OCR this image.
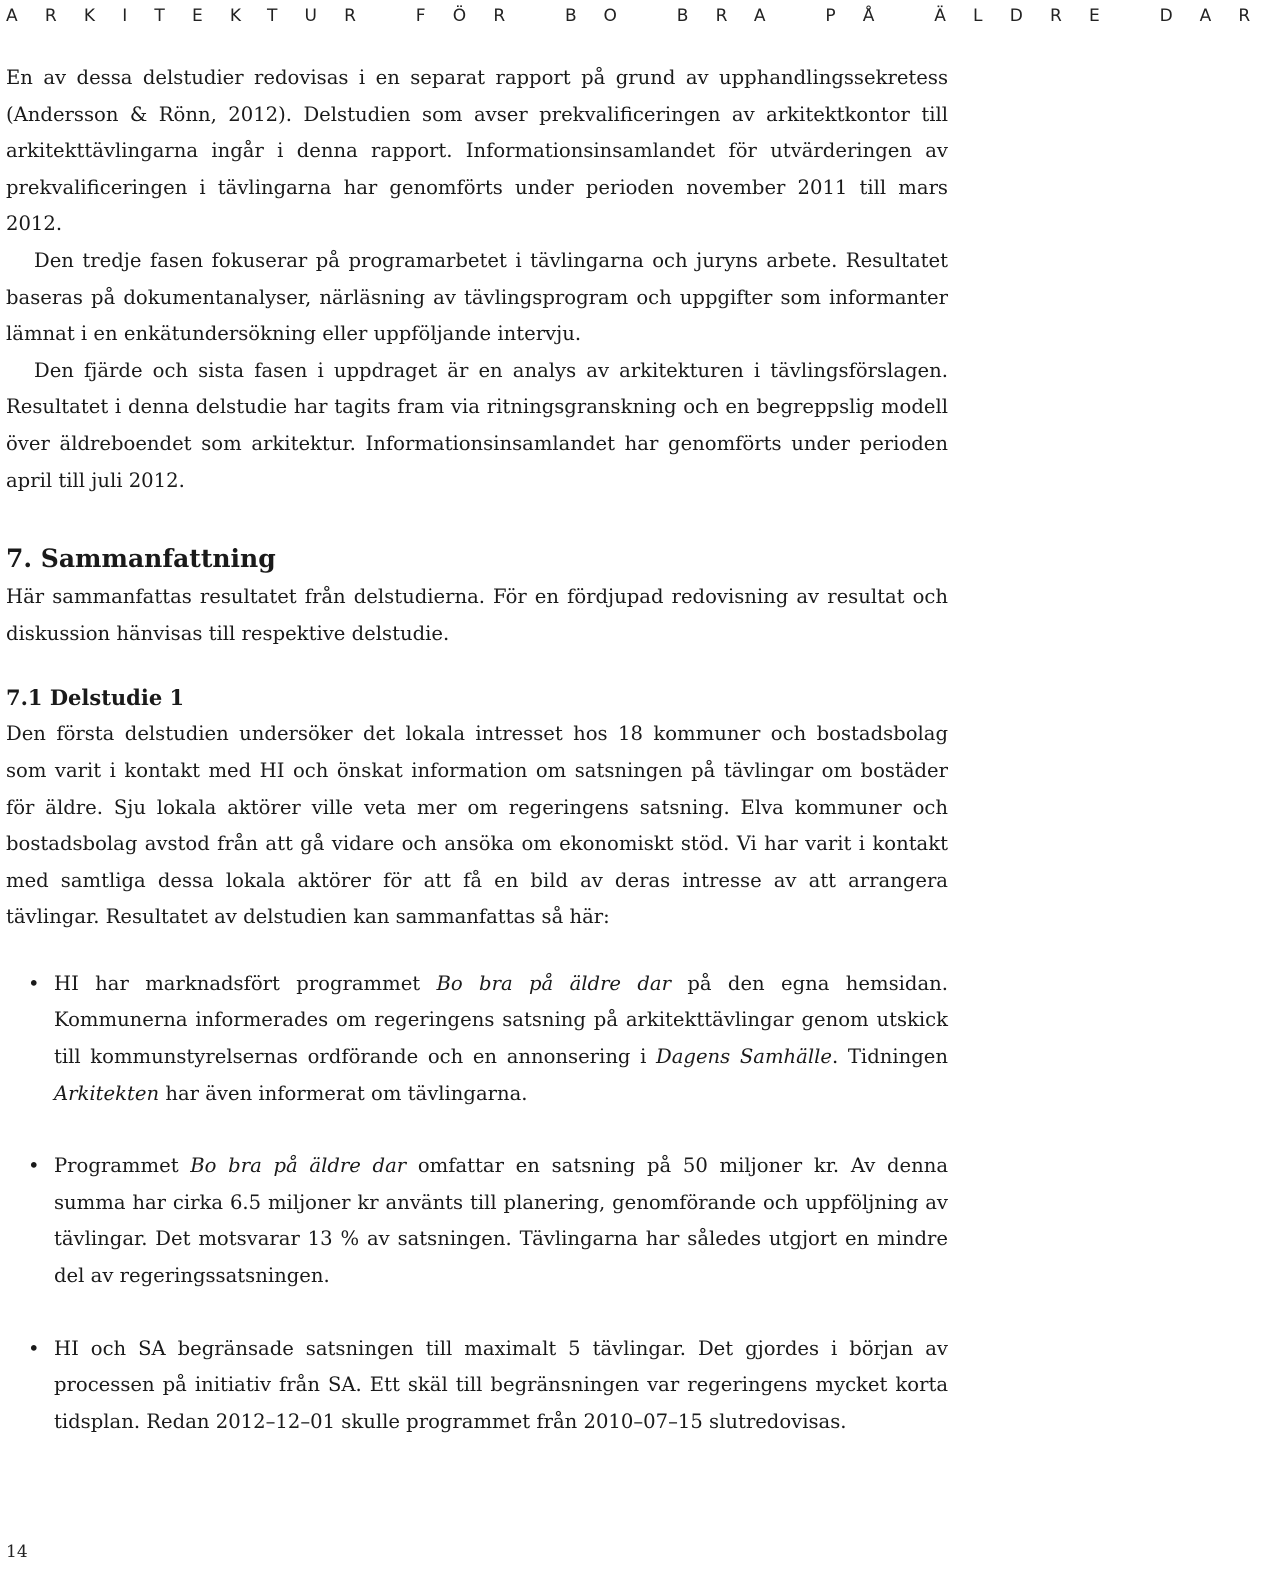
ARKITEKTUR FÖR BO BRA PÅ ÄLDRE DAR

En av dessa delstudier redovisas i en separat rapport på grund av upphandlingssekretess (Andersson & Rönn, 2012). Delstudien som avser prekvalificeringen av arkitektkontor till arkitekttävlingarna ingår i denna rapport. Informationsinsamlandet för utvärderingen av prekvalificeringen i tävlingarna har genomförts under perioden november 2011 till mars 2012.

Den tredje fasen fokuserar på programarbetet i tävlingarna och juryns arbete. Resultatet baseras på dokumentanalyser, närläsning av tävlingsprogram och uppgifter som informanter lämnat i en enkätundersökning eller uppföljande intervju.

Den fjärde och sista fasen i uppdraget är en analys av arkitekturen i tävlingsförslagen. Resultatet i denna delstudie har tagits fram via ritningsgranskning och en begreppslig modell över äldreboendet som arkitektur. Informationsinsamlandet har genomförts under perioden april till juli 2012.

7. Sammanfattning

Här sammanfattas resultatet från delstudierna. För en fördjupad redovisning av resultat och diskussion hänvisas till respektive delstudie.

7.1 Delstudie 1

Den första delstudien undersöker det lokala intresset hos 18 kommuner och bostadsbolag som varit i kontakt med HI och önskat information om satsningen på tävlingar om bostäder för äldre. Sju lokala aktörer ville veta mer om regeringens satsning. Elva kommuner och bostadsbolag avstod från att gå vidare och ansöka om ekonomiskt stöd. Vi har varit i kontakt med samtliga dessa lokala aktörer för att få en bild av deras intresse av att arrangera tävlingar. Resultatet av delstudien kan sammanfattas så här:

• HI har marknadsfört programmet Bo bra på äldre dar på den egna hemsidan. Kommunerna informerades om regeringens satsning på arkitekttävlingar genom utskick till kommunstyrelsernas ordförande och en annonsering i Dagens Samhälle. Tidningen Arkitekten har även informerat om tävlingarna.
• Programmet Bo bra på äldre dar omfattar en satsning på 50 miljoner kr. Av denna summa har cirka 6.5 miljoner kr använts till planering, genomförande och uppföljning av tävlingar. Det motsvarar 13 % av satsningen. Tävlingarna har således utgjort en mindre del av regeringssatsningen.
• HI och SA begränsade satsningen till maximalt 5 tävlingar. Det gjordes i början av processen på initiativ från SA. Ett skäl till begränsningen var regeringens mycket korta tidsplan. Redan 2012–12–01 skulle programmet från 2010–07–15 slutredovisas.
14
